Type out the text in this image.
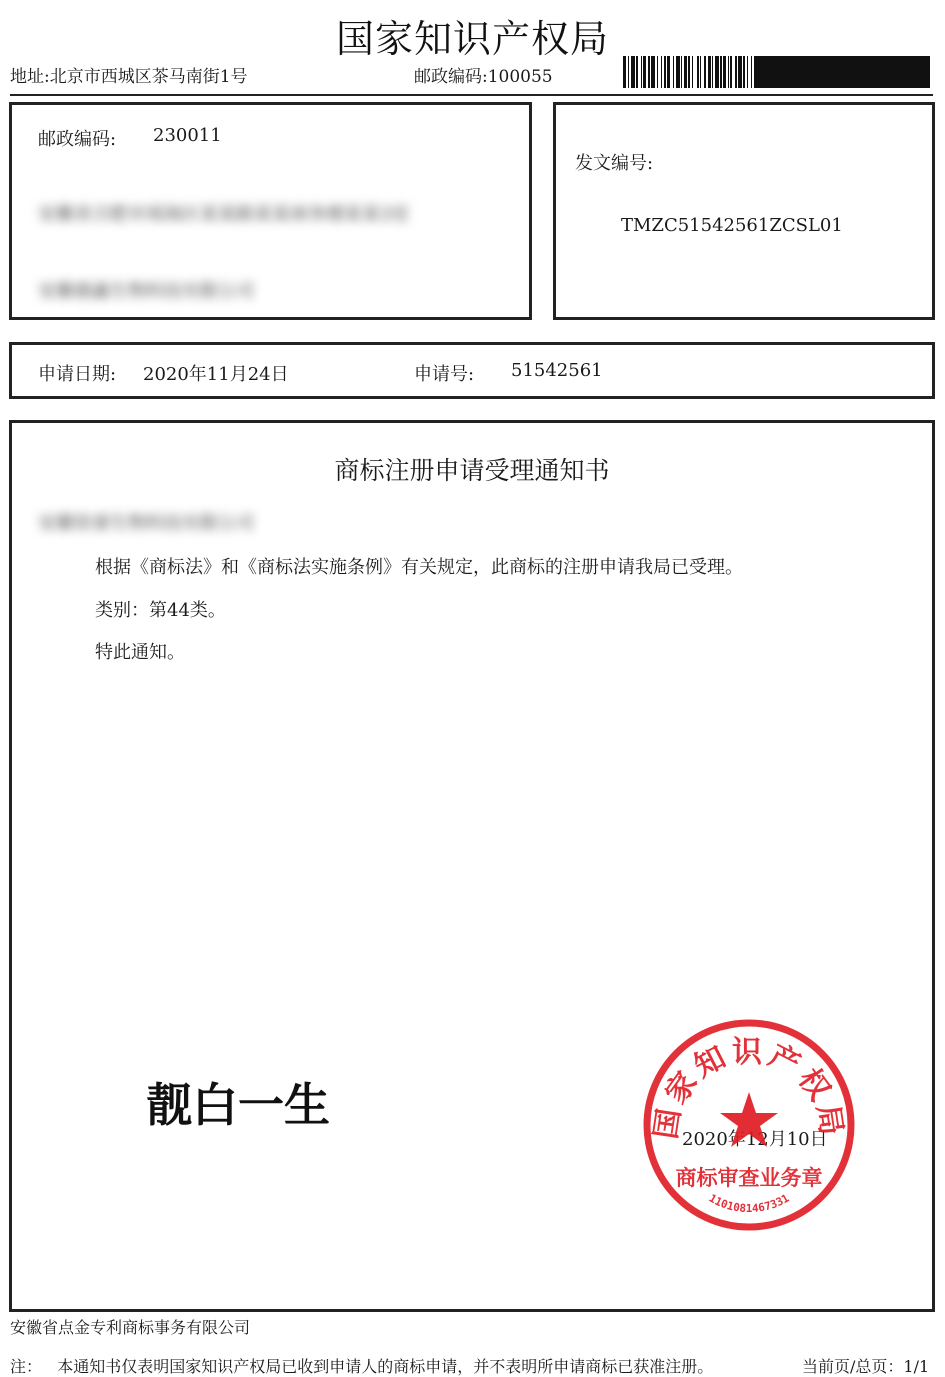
国家知识产权局
地址:北京市西城区茶马南街1号	邮政编码:100055
邮政编码: 230011
安徽省合肥市瑶海区某某路某某商务楼某某3室
安徽德鑫生物科技有限公司
发文编号:
TMZC51542561ZCSL01
申请日期: 2020年11月24日	申请号: 51542561
商标注册申请受理通知书
安徽馆睿生物科技有限公司
根据《商标法》和《商标法实施条例》有关规定，此商标的注册申请我局已受理。
类别：第44类。
特此通知。
靓白一生
2020年12月10日
国家知识产权局
商标审查业务章
1101081467331
安徽省点金专利商标事务有限公司
注：   本通知书仅表明国家知识产权局已收到申请人的商标申请，并不表明所申请商标已获准注册。	当前页/总页：1/1
